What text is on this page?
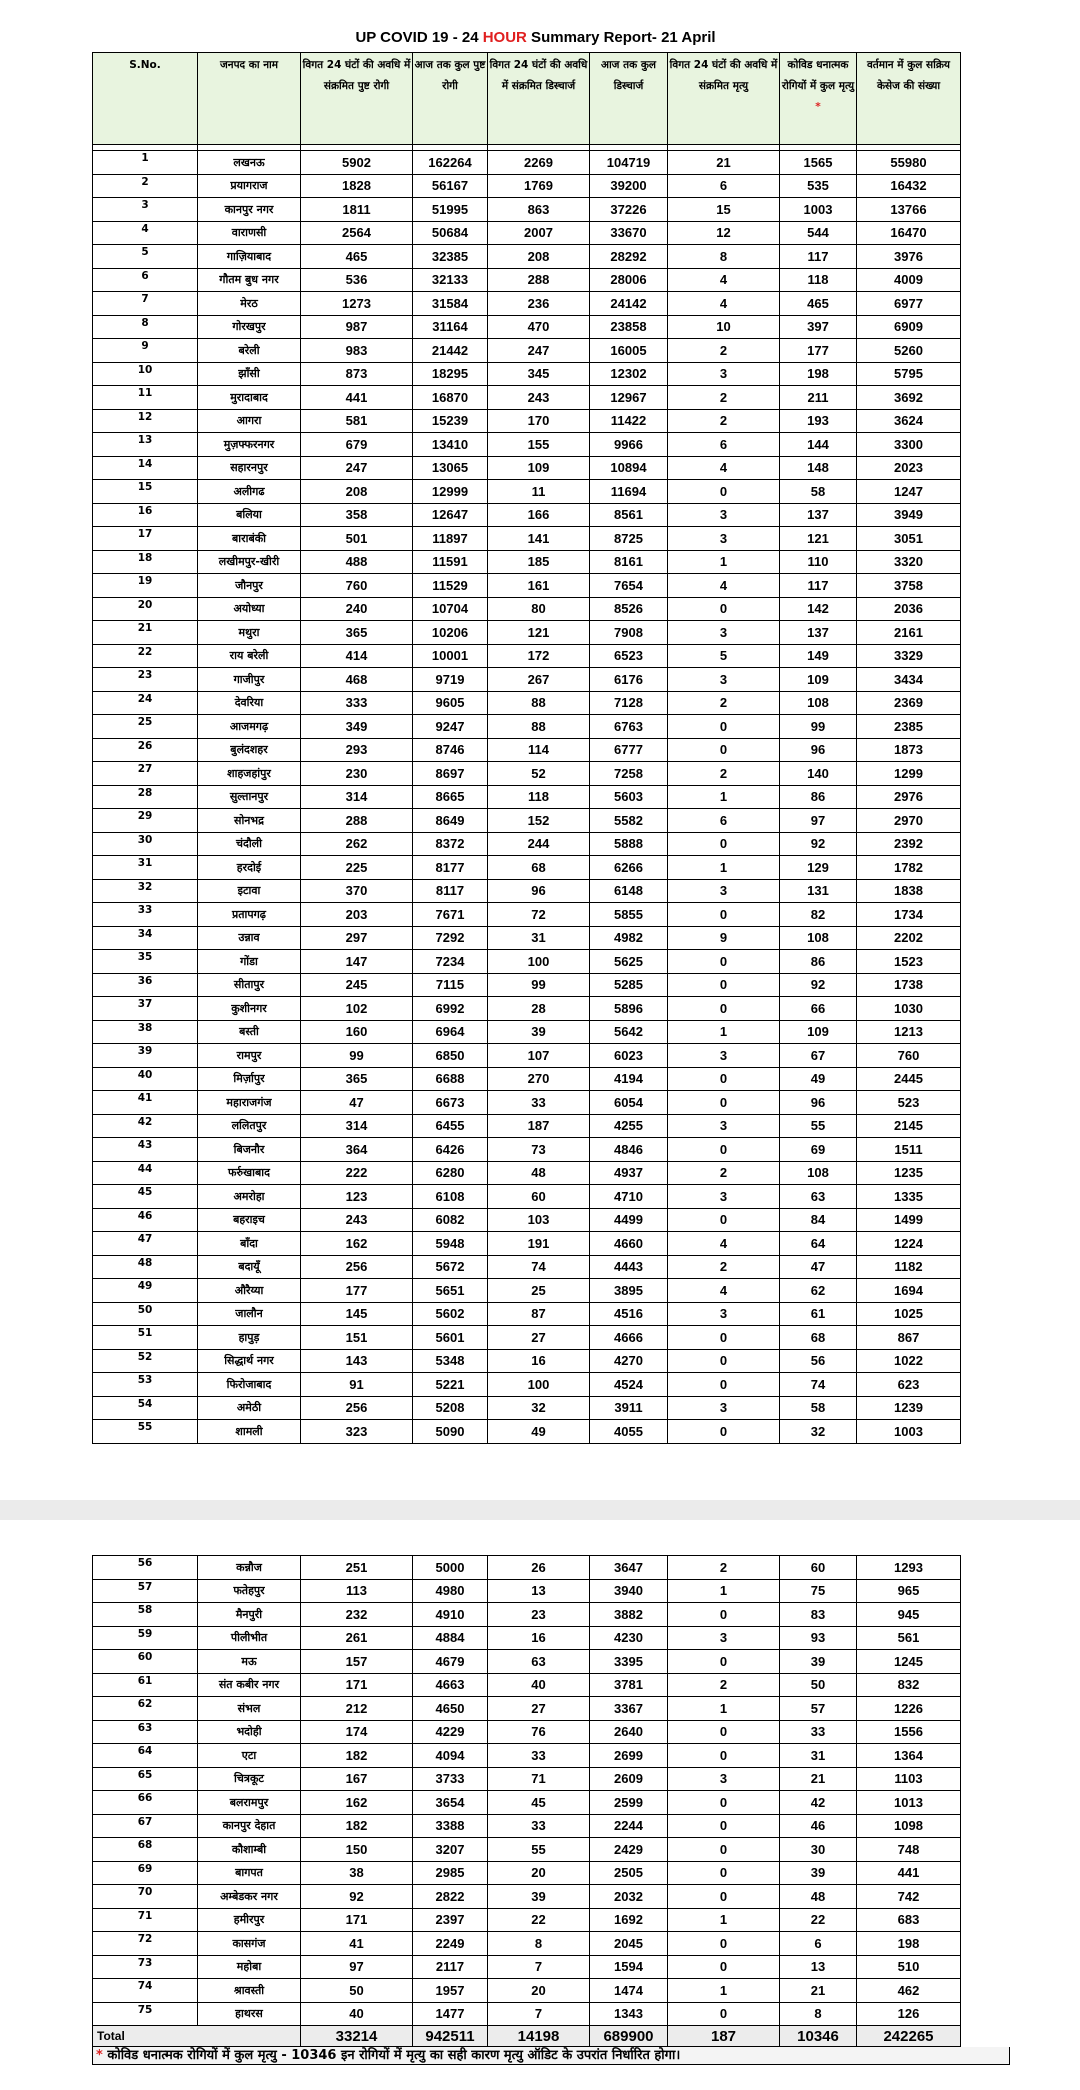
UP COVID 19 - 24 HOUR Summary Report- 21 April
S.No.	जनपद का नाम	विगत 24 घंटों की अवधि में संक्रमित पुष्ट रोगी	आज तक कुल पुष्ट रोगी	विगत 24 घंटों की अवधि में संक्रमित डिस्चार्ज	आज तक कुल डिस्चार्ज	विगत 24 घंटों की अवधि में संक्रमित मृत्यु	कोविड धनात्मक रोगियों में कुल मृत्यु *	वर्तमान में कुल सक्रिय केसेज की संख्या

1	लखनऊ	5902	162264	2269	104719	21	1565	55980
2	प्रयागराज	1828	56167	1769	39200	6	535	16432
3	कानपुर नगर	1811	51995	863	37226	15	1003	13766
4	वाराणसी	2564	50684	2007	33670	12	544	16470
5	गाज़ियाबाद	465	32385	208	28292	8	117	3976
6	गौतम बुध नगर	536	32133	288	28006	4	118	4009
7	मेरठ	1273	31584	236	24142	4	465	6977
8	गोरखपुर	987	31164	470	23858	10	397	6909
9	बरेली	983	21442	247	16005	2	177	5260
10	झाँसी	873	18295	345	12302	3	198	5795
11	मुरादाबाद	441	16870	243	12967	2	211	3692
12	आगरा	581	15239	170	11422	2	193	3624
13	मुज़फ्फरनगर	679	13410	155	9966	6	144	3300
14	सहारनपुर	247	13065	109	10894	4	148	2023
15	अलीगढ	208	12999	11	11694	0	58	1247
16	बलिया	358	12647	166	8561	3	137	3949
17	बाराबंकी	501	11897	141	8725	3	121	3051
18	लखीमपुर-खीरी	488	11591	185	8161	1	110	3320
19	जौनपुर	760	11529	161	7654	4	117	3758
20	अयोध्या	240	10704	80	8526	0	142	2036
21	मथुरा	365	10206	121	7908	3	137	2161
22	राय बरेली	414	10001	172	6523	5	149	3329
23	गाजीपुर	468	9719	267	6176	3	109	3434
24	देवरिया	333	9605	88	7128	2	108	2369
25	आजमगढ़	349	9247	88	6763	0	99	2385
26	बुलंदशहर	293	8746	114	6777	0	96	1873
27	शाहजहांपुर	230	8697	52	7258	2	140	1299
28	सुल्तानपुर	314	8665	118	5603	1	86	2976
29	सोनभद्र	288	8649	152	5582	6	97	2970
30	चंदौली	262	8372	244	5888	0	92	2392
31	हरदोई	225	8177	68	6266	1	129	1782
32	इटावा	370	8117	96	6148	3	131	1838
33	प्रतापगढ़	203	7671	72	5855	0	82	1734
34	उन्नाव	297	7292	31	4982	9	108	2202
35	गोंडा	147	7234	100	5625	0	86	1523
36	सीतापुर	245	7115	99	5285	0	92	1738
37	कुशीनगर	102	6992	28	5896	0	66	1030
38	बस्ती	160	6964	39	5642	1	109	1213
39	रामपुर	99	6850	107	6023	3	67	760
40	मिर्ज़ापुर	365	6688	270	4194	0	49	2445
41	महाराजगंज	47	6673	33	6054	0	96	523
42	ललितपुर	314	6455	187	4255	3	55	2145
43	बिजनौर	364	6426	73	4846	0	69	1511
44	फर्रुखाबाद	222	6280	48	4937	2	108	1235
45	अमरोहा	123	6108	60	4710	3	63	1335
46	बहराइच	243	6082	103	4499	0	84	1499
47	बाँदा	162	5948	191	4660	4	64	1224
48	बदायूँ	256	5672	74	4443	2	47	1182
49	औरैय्या	177	5651	25	3895	4	62	1694
50	जालौन	145	5602	87	4516	3	61	1025
51	हापुड़	151	5601	27	4666	0	68	867
52	सिद्धार्थ नगर	143	5348	16	4270	0	56	1022
53	फिरोजाबाद	91	5221	100	4524	0	74	623
54	अमेठी	256	5208	32	3911	3	58	1239
55	शामली	323	5090	49	4055	0	32	1003
56	कन्नौज	251	5000	26	3647	2	60	1293
57	फतेहपुर	113	4980	13	3940	1	75	965
58	मैनपुरी	232	4910	23	3882	0	83	945
59	पीलीभीत	261	4884	16	4230	3	93	561
60	मऊ	157	4679	63	3395	0	39	1245
61	संत कबीर नगर	171	4663	40	3781	2	50	832
62	संभल	212	4650	27	3367	1	57	1226
63	भदोही	174	4229	76	2640	0	33	1556
64	एटा	182	4094	33	2699	0	31	1364
65	चित्रकूट	167	3733	71	2609	3	21	1103
66	बलरामपुर	162	3654	45	2599	0	42	1013
67	कानपुर देहात	182	3388	33	2244	0	46	1098
68	कौशाम्बी	150	3207	55	2429	0	30	748
69	बागपत	38	2985	20	2505	0	39	441
70	अम्बेडकर नगर	92	2822	39	2032	0	48	742
71	हमीरपुर	171	2397	22	1692	1	22	683
72	कासगंज	41	2249	8	2045	0	6	198
73	महोबा	97	2117	7	1594	0	13	510
74	श्रावस्ती	50	1957	20	1474	1	21	462
75	हाथरस	40	1477	7	1343	0	8	126
Total		33214	942511	14198	689900	187	10346	242265
* कोविड धनात्मक रोगियों में कुल मृत्यु - 10346 इन रोगियों में मृत्यु का सही कारण मृत्यु ऑडिट के उपरांत निर्धारित होगा।
